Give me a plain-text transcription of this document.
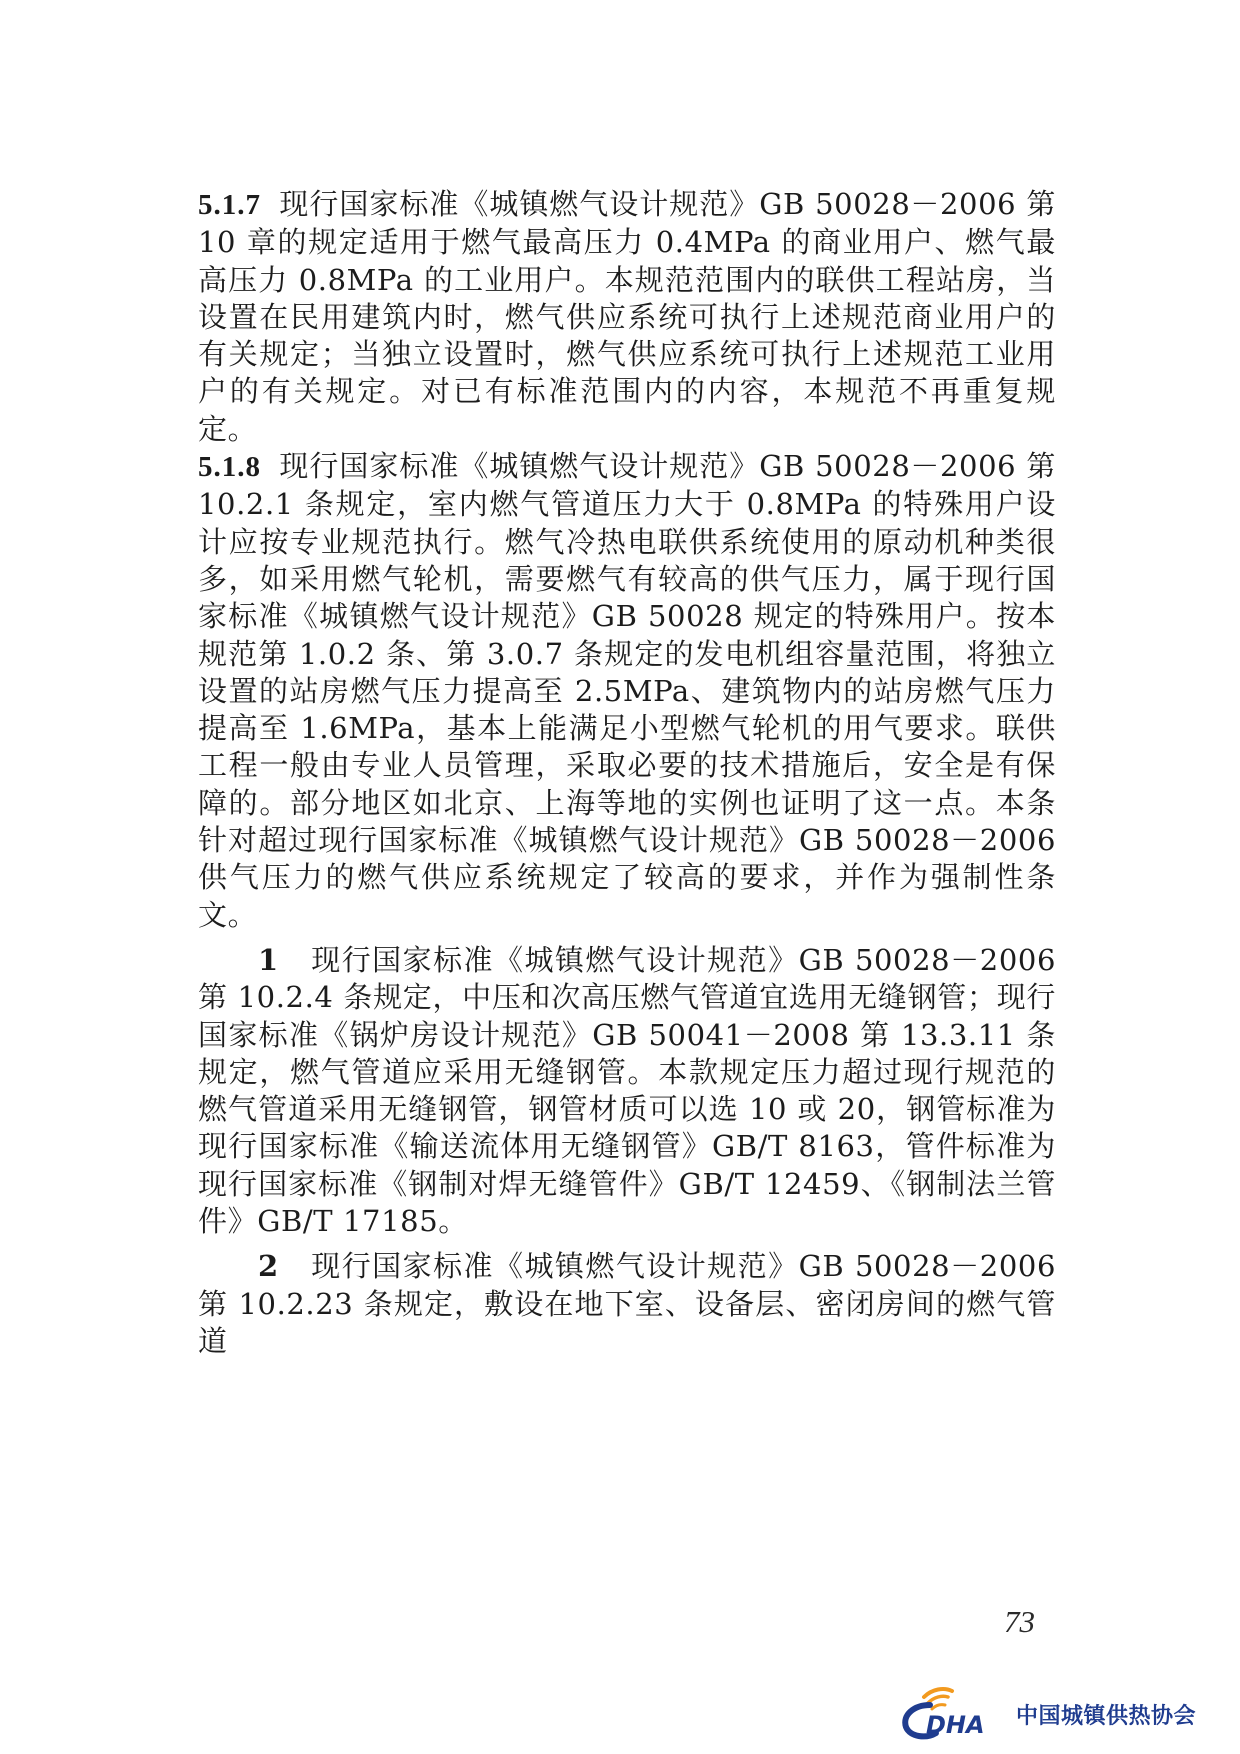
5.1.7 现行国家标准《城镇燃气设计规范》GB 50028－2006 第 10 章的规定适用于燃气最高压力 0.4MPa 的商业用户、燃气最高压力 0.8MPa 的工业用户。本规范范围内的联供工程站房，当设置在民用建筑内时，燃气供应系统可执行上述规范商业用户的有关规定；当独立设置时，燃气供应系统可执行上述规范工业用户的有关规定。对已有标准范围内的内容，本规范不再重复规定。

5.1.8 现行国家标准《城镇燃气设计规范》GB 50028－2006 第 10.2.1 条规定，室内燃气管道压力大于 0.8MPa 的特殊用户设计应按专业规范执行。燃气冷热电联供系统使用的原动机种类很多，如采用燃气轮机，需要燃气有较高的供气压力，属于现行国家标准《城镇燃气设计规范》GB 50028 规定的特殊用户。按本规范第 1.0.2 条、第 3.0.7 条规定的发电机组容量范围，将独立设置的站房燃气压力提高至 2.5MPa、建筑物内的站房燃气压力提高至 1.6MPa，基本上能满足小型燃气轮机的用气要求。联供工程一般由专业人员管理，采取必要的技术措施后，安全是有保障的。部分地区如北京、上海等地的实例也证明了这一点。本条针对超过现行国家标准《城镇燃气设计规范》GB 50028－2006 供气压力的燃气供应系统规定了较高的要求，并作为强制性条文。

1 现行国家标准《城镇燃气设计规范》GB 50028－2006 第 10.2.4 条规定，中压和次高压燃气管道宜选用无缝钢管；现行国家标准《锅炉房设计规范》GB 50041－2008 第 13.3.11 条规定，燃气管道应采用无缝钢管。本款规定压力超过现行规范的燃气管道采用无缝钢管，钢管材质可以选 10 或 20，钢管标准为现行国家标准《输送流体用无缝钢管》GB/T 8163，管件标准为现行国家标准《钢制对焊无缝管件》GB/T 12459、《钢制法兰管件》GB/T 17185。

2 现行国家标准《城镇燃气设计规范》GB 50028－2006 第 10.2.23 条规定，敷设在地下室、设备层、密闭房间的燃气管道

73
DHA 中国城镇供热协会
